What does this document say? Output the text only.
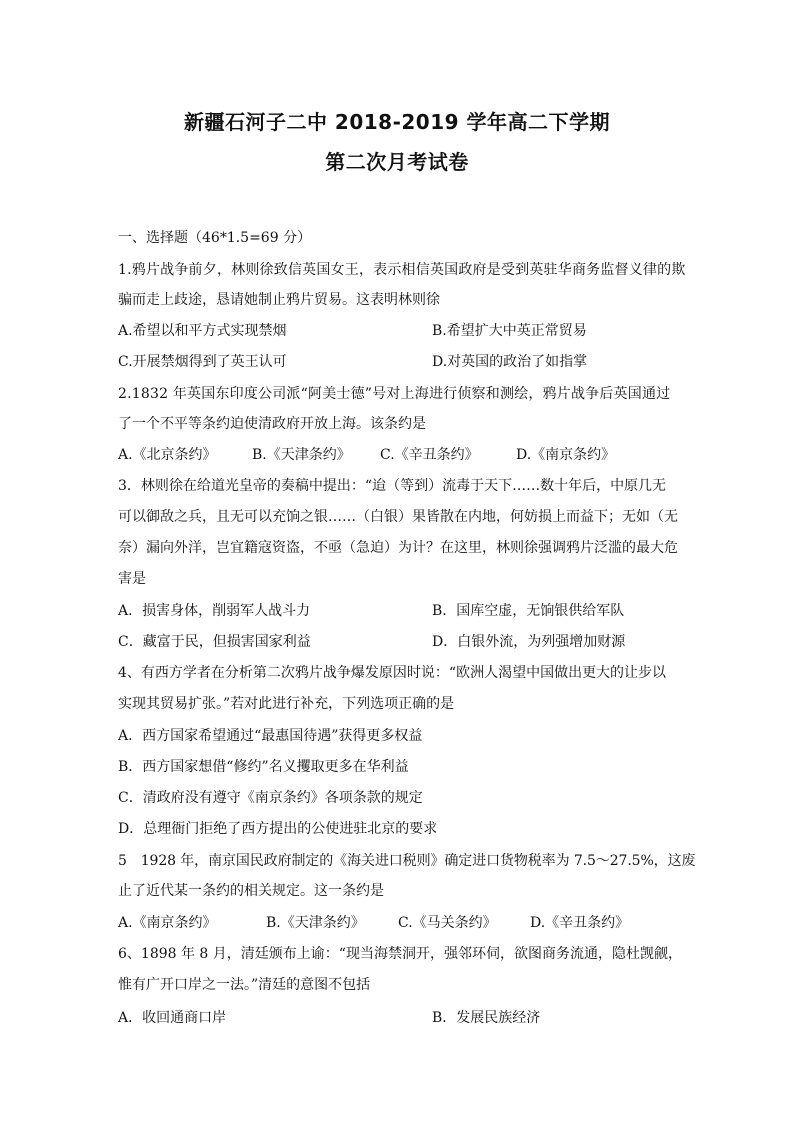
新疆石河子二中 2018-2019 学年高二下学期
第二次月考试卷
一、选择题（46*1.5=69 分）
1.鸦片战争前夕，林则徐致信英国女王，表示相信英国政府是受到英驻华商务监督义律的欺
骗而走上歧途，恳请她制止鸦片贸易。这表明林则徐
A.希望以和平方式实现禁烟	B.希望扩大中英正常贸易
C.开展禁烟得到了英王认可	D.对英国的政治了如指掌
2.1832 年英国东印度公司派“阿美士德”号对上海进行侦察和测绘，鸦片战争后英国通过
了一个不平等条约迫使清政府开放上海。该条约是
A.《北京条约》	B.《天津条约》 C.《辛丑条约》	D.《南京条约》
3．林则徐在给道光皇帝的奏稿中提出：“迨（等到）流毒于天下……数十年后，中原几无
可以御敌之兵，且无可以充饷之银……（白银）果皆散在内地，何妨损上而益下；无如（无
奈）漏向外洋，岂宜籍寇资盗，不亟（急迫）为计？在这里，林则徐强调鸦片泛滥的最大危
害是
A．损害身体，削弱军人战斗力	B．国库空虚，无饷银供给军队
C．藏富于民，但损害国家利益	D．白银外流，为列强增加财源
4、有西方学者在分析第二次鸦片战争爆发原因时说：“欧洲人渴望中国做出更大的让步以
实现其贸易扩张。”若对此进行补充，下列选项正确的是
A．西方国家希望通过“最惠国待遇”获得更多权益
B．西方国家想借“修约”名义攫取更多在华利益
C．清政府没有遵守《南京条约》各项条款的规定
D．总理衙门拒绝了西方提出的公使进驻北京的要求
5　1928 年，南京国民政府制定的《海关进口税则》确定进口货物税率为 7.5～27.5%，这废
止了近代某一条约的相关规定。这一条约是
A.《南京条约》	B.《天津条约》 C.《马关条约》 D.《辛丑条约》
6、1898 年 8 月，清廷颁布上谕：“现当海禁洞开，强邻环伺，欲图商务流通，隐杜觊觎，
惟有广开口岸之一法。”清廷的意图不包括
A．收回通商口岸	B．发展民族经济
